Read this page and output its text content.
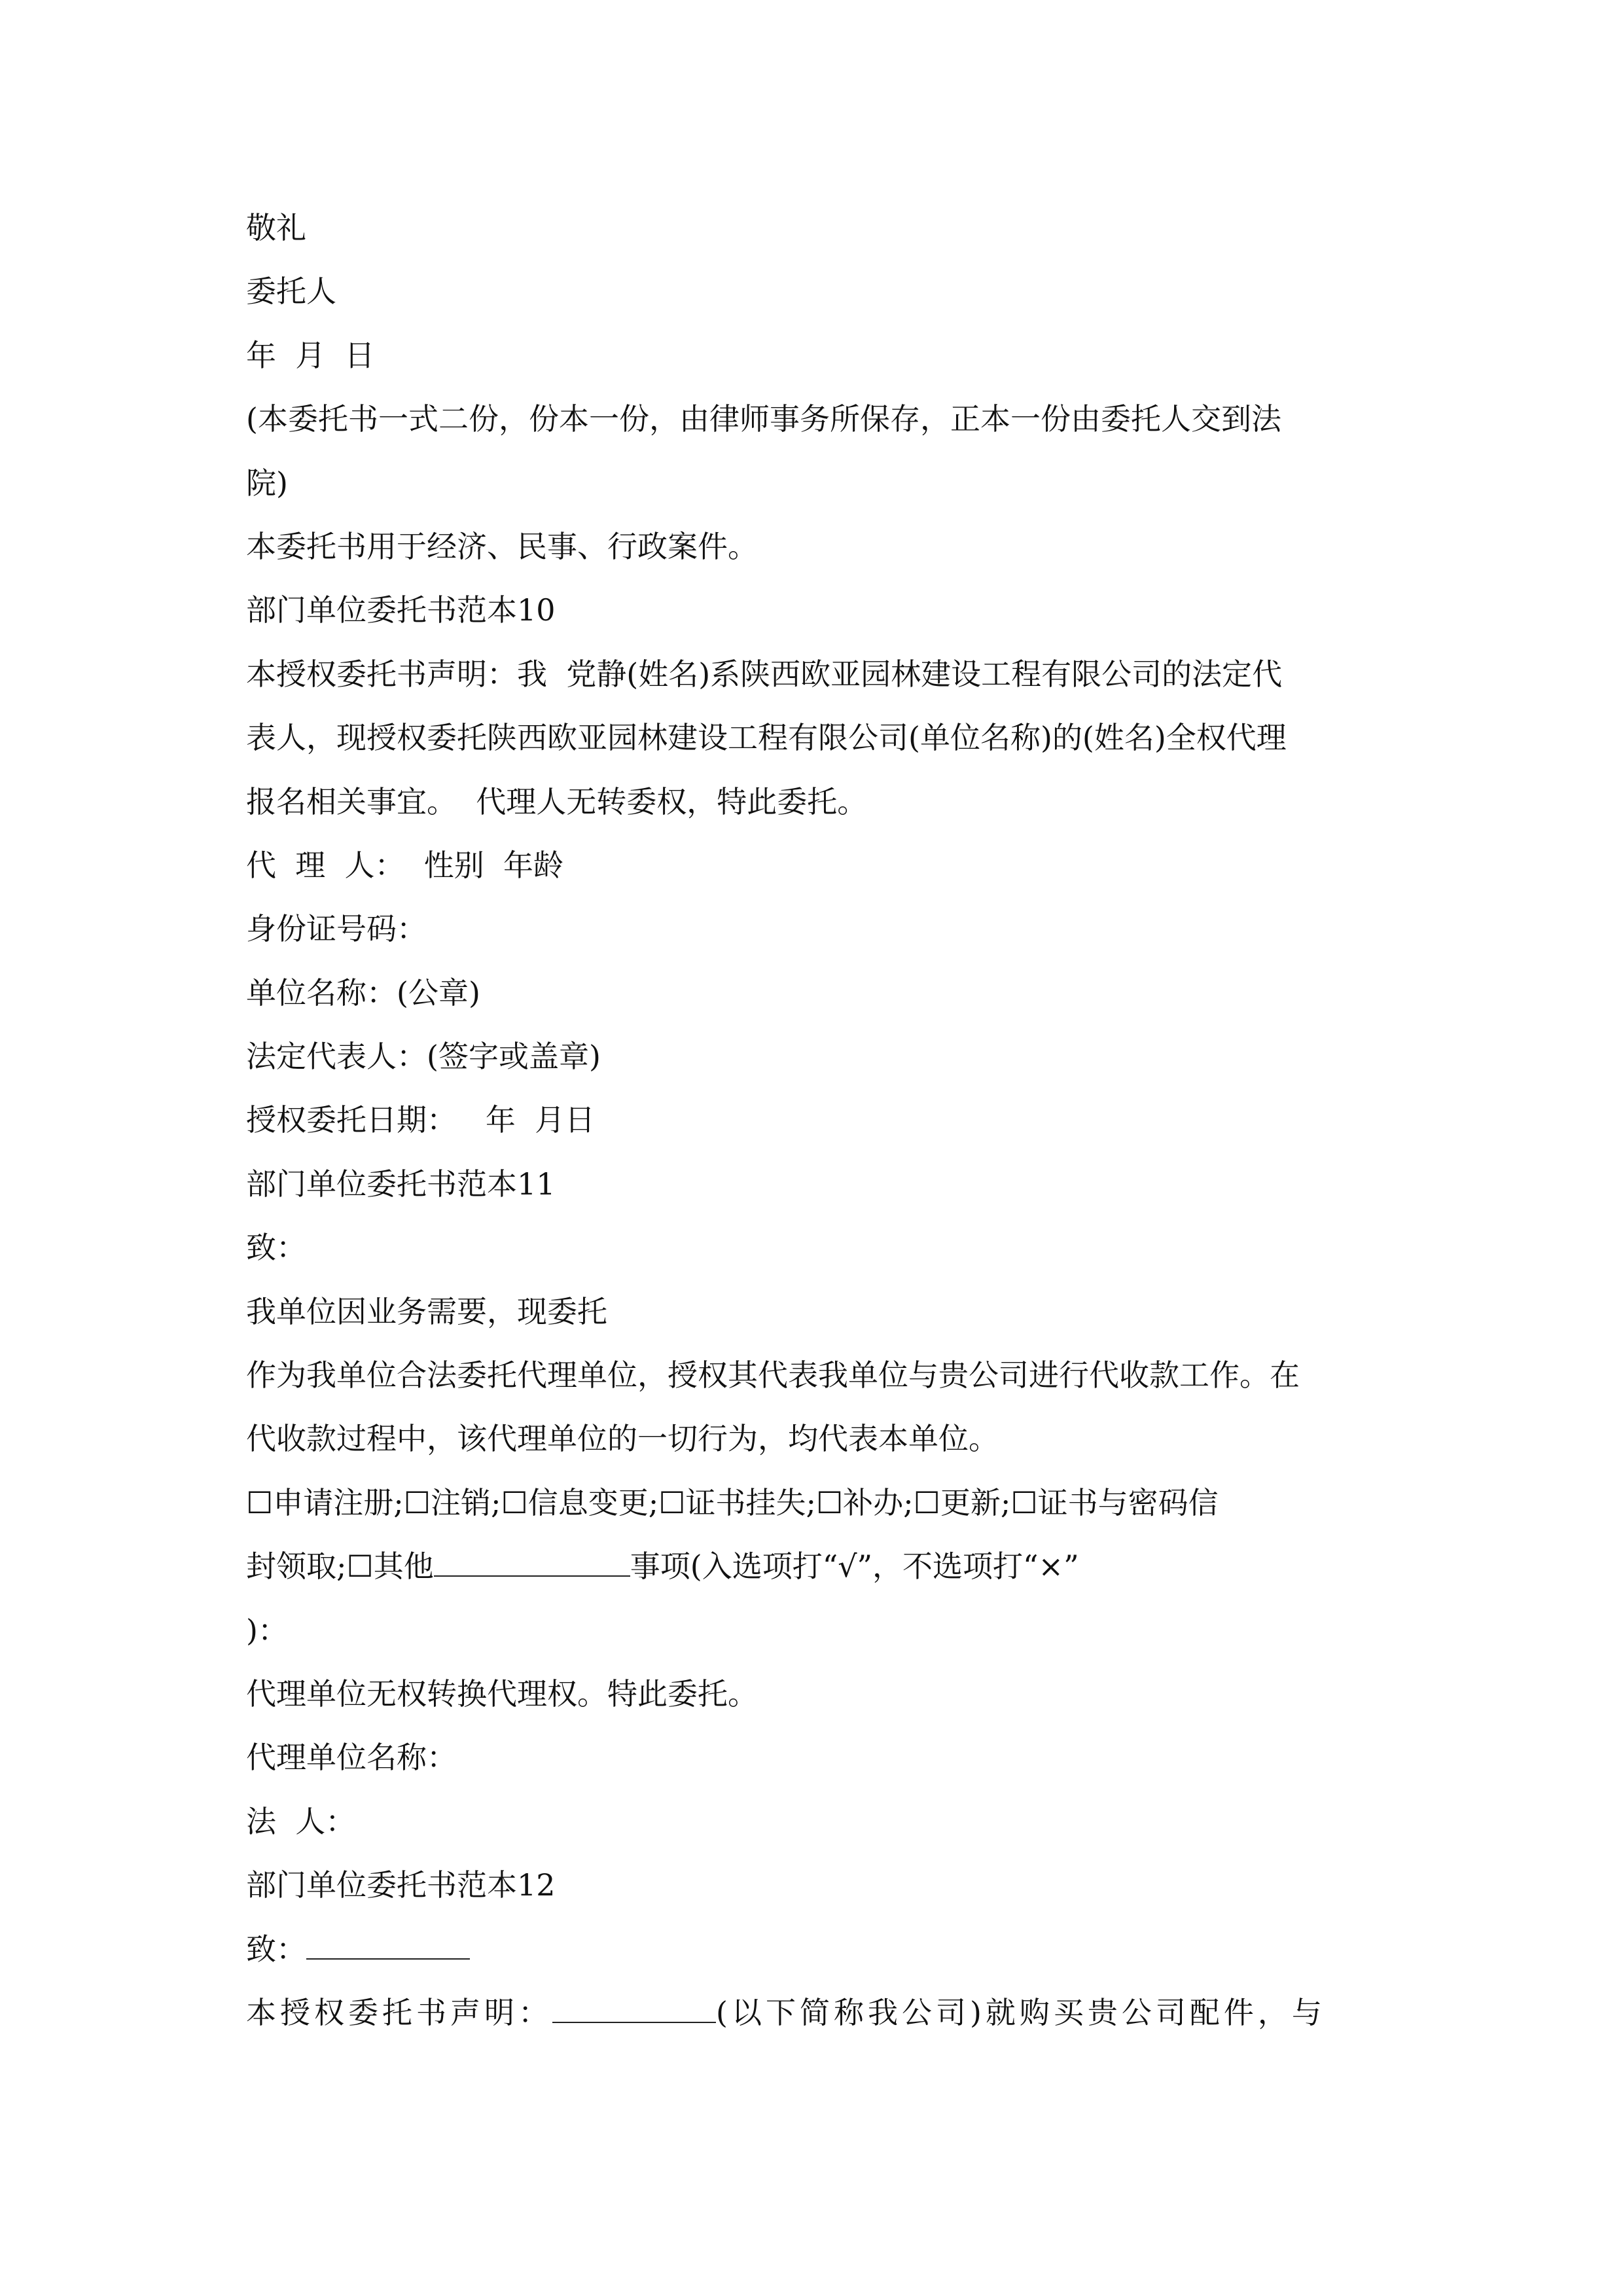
敬礼
委托人
年  月  日
(本委托书一式二份，份本一份，由律师事务所保存，正本一份由委托人交到法
院)
本委托书用于经济、民事、行政案件。
部门单位委托书范本10
本授权委托书声明：我  党静(姓名)系陕西欧亚园林建设工程有限公司的法定代
表人，现授权委托陕西欧亚园林建设工程有限公司(单位名称)的(姓名)全权代理
报名相关事宜。  代理人无转委权，特此委托。
代  理  人：  性别  年龄
身份证号码：
单位名称：(公章)
法定代表人：(签字或盖章)
授权委托日期：   年  月日
部门单位委托书范本11
致：
我单位因业务需要，现委托
作为我单位合法委托代理单位，授权其代表我单位与贵公司进行代收款工作。在
代收款过程中，该代理单位的一切行为，均代表本单位。
☐申请注册;☐注销;☐信息变更;☐证书挂失;☐补办;☐更新;☐证书与密码信
封领取;☐其他	事项(入选项打“√”，不选项打“×”
)：
代理单位无权转换代理权。特此委托。
代理单位名称：
法  人：
部门单位委托书范本12
致：
本授权委托书声明：	(以下简称我公司)就购买贵公司配件，与
